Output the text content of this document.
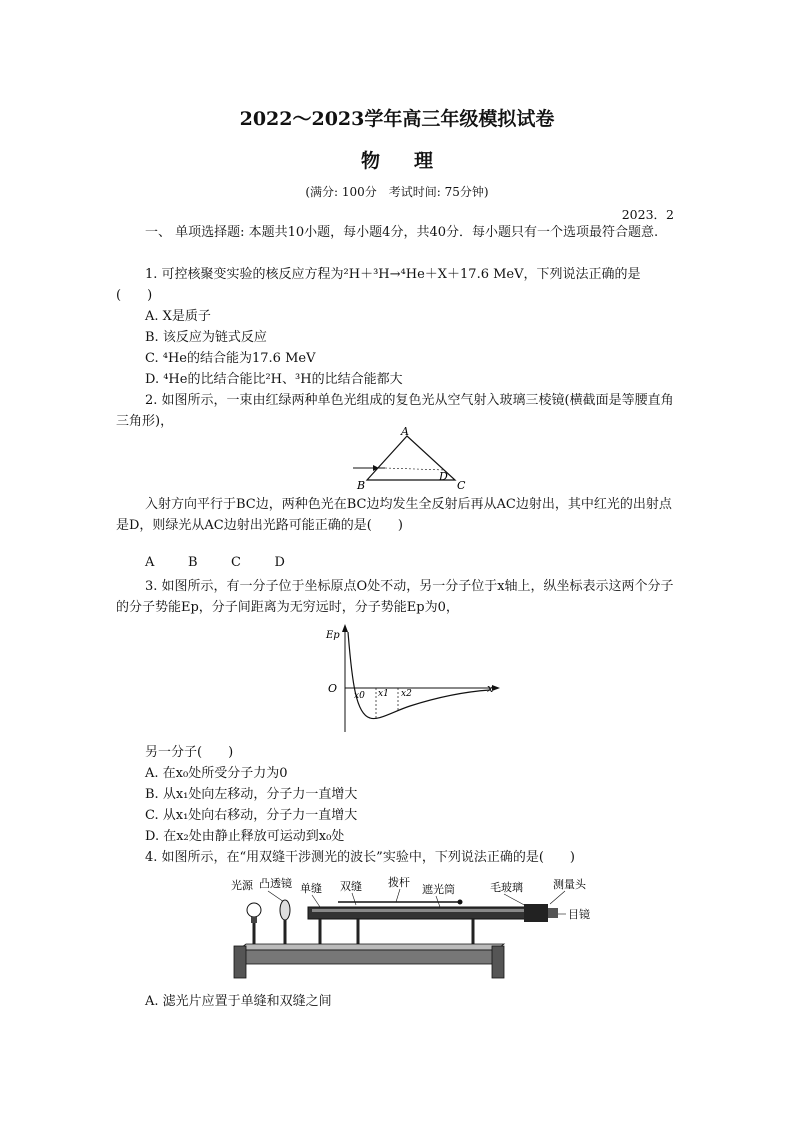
2022～2023学年高三年级模拟试卷
物理
(满分: 100分　考试时间: 75分钟)
2023．2
一、 单项选择题: 本题共10小题，每小题4分，共40分．每小题只有一个选项最符合题意.
1. 可控核聚变实验的核反应方程为²H＋³H→⁴He＋X＋17.6 MeV，下列说法正确的是(　　)
A. X是质子
B. 该反应为链式反应
C. ⁴He的结合能为17.6 MeV
D. ⁴He的比结合能比²H、³H的比结合能都大
2. 如图所示，一束由红绿两种单色光组成的复色光从空气射入玻璃三棱镜(横截面是等腰直角三角形)，
A
B	C
D
入射方向平行于BC边，两种色光在BC边均发生全反射后再从AC边射出，其中红光的出射点是D，则绿光从AC边射出光路可能正确的是(　　)
A	B	C	D
3. 如图所示，有一分子位于坐标原点O处不动，另一分子位于x轴上，纵坐标表示这两个分子的分子势能Ep，分子间距离为无穷远时，分子势能Ep为0，
Ep
O	x
x0 x1 x2
另一分子(　　)
A. 在x₀处所受分子力为0
B. 从x₁处向左移动，分子力一直增大
C. 从x₁处向右移动，分子力一直增大
D. 在x₂处由静止释放可运动到x₀处
4. 如图所示，在“用双缝干涉测光的波长”实验中，下列说法正确的是(　　)
光源 凸透镜 单缝 双缝 拨杆
遮光筒	毛玻璃	测量头
目镜
A. 滤光片应置于单缝和双缝之间
